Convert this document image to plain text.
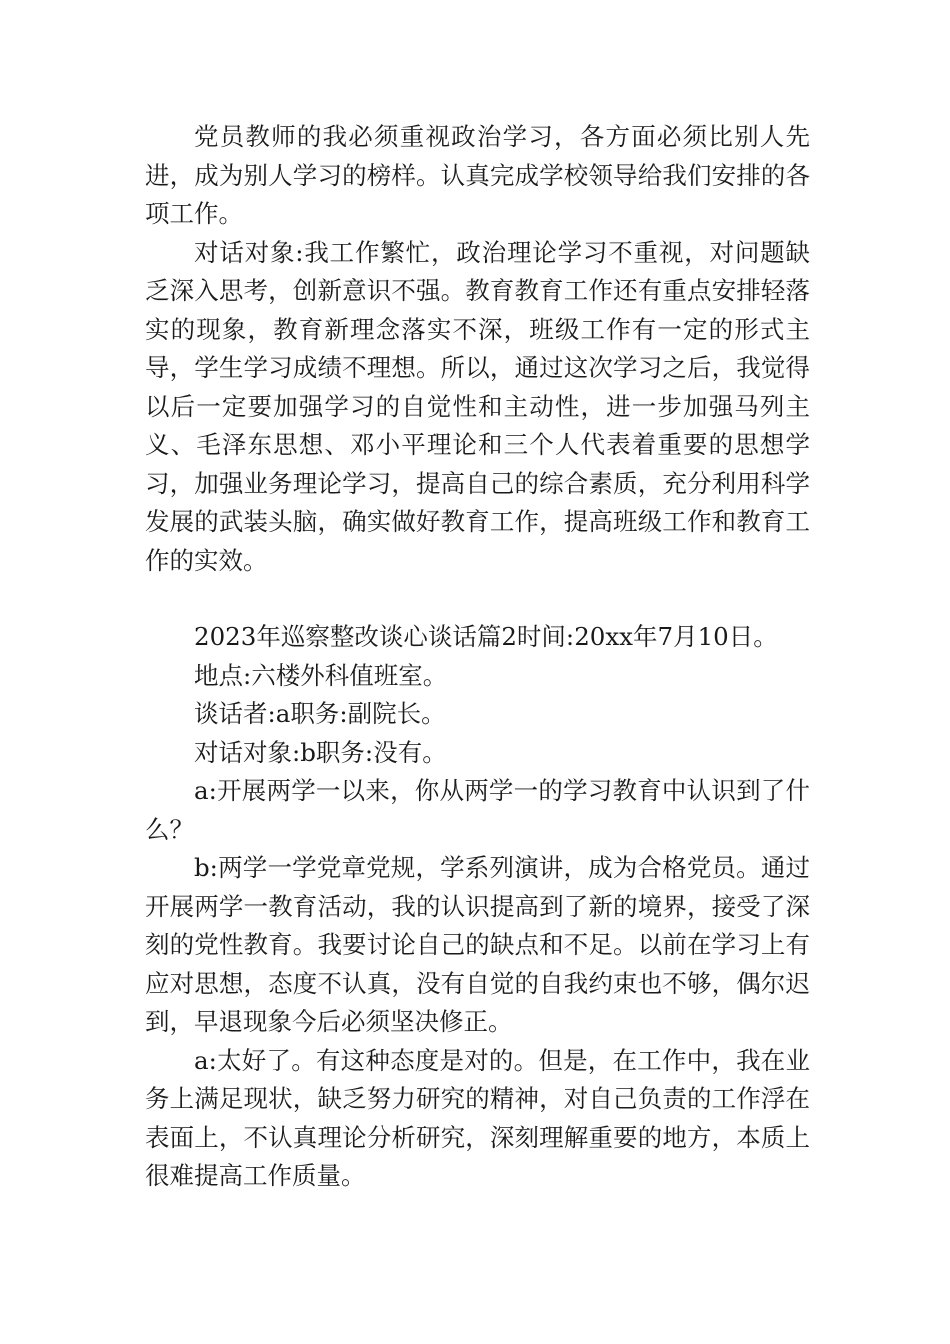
党员教师的我必须重视政治学习，各方面必须比别人先进，成为别人学习的榜样。认真完成学校领导给我们安排的各项工作。

对话对象:我工作繁忙，政治理论学习不重视，对问题缺乏深入思考，创新意识不强。教育教育工作还有重点安排轻落实的现象，教育新理念落实不深，班级工作有一定的形式主导，学生学习成绩不理想。所以，通过这次学习之后，我觉得以后一定要加强学习的自觉性和主动性，进一步加强马列主义、毛泽东思想、邓小平理论和三个人代表着重要的思想学习，加强业务理论学习，提高自己的综合素质，充分利用科学发展的武装头脑，确实做好教育工作，提高班级工作和教育工作的实效。

2023年巡察整改谈心谈话篇2时间:20xx年7月10日。

地点:六楼外科值班室。

谈话者:a职务:副院长。

对话对象:b职务:没有。

a:开展两学一以来，你从两学一的学习教育中认识到了什么？

b:两学一学党章党规，学系列演讲，成为合格党员。通过开展两学一教育活动，我的认识提高到了新的境界，接受了深刻的党性教育。我要讨论自己的缺点和不足。以前在学习上有应对思想，态度不认真，没有自觉的自我约束也不够，偶尔迟到，早退现象今后必须坚决修正。

a:太好了。有这种态度是对的。但是，在工作中，我在业务上满足现状，缺乏努力研究的精神，对自己负责的工作浮在表面上，不认真理论分析研究，深刻理解重要的地方，本质上很难提高工作质量。
